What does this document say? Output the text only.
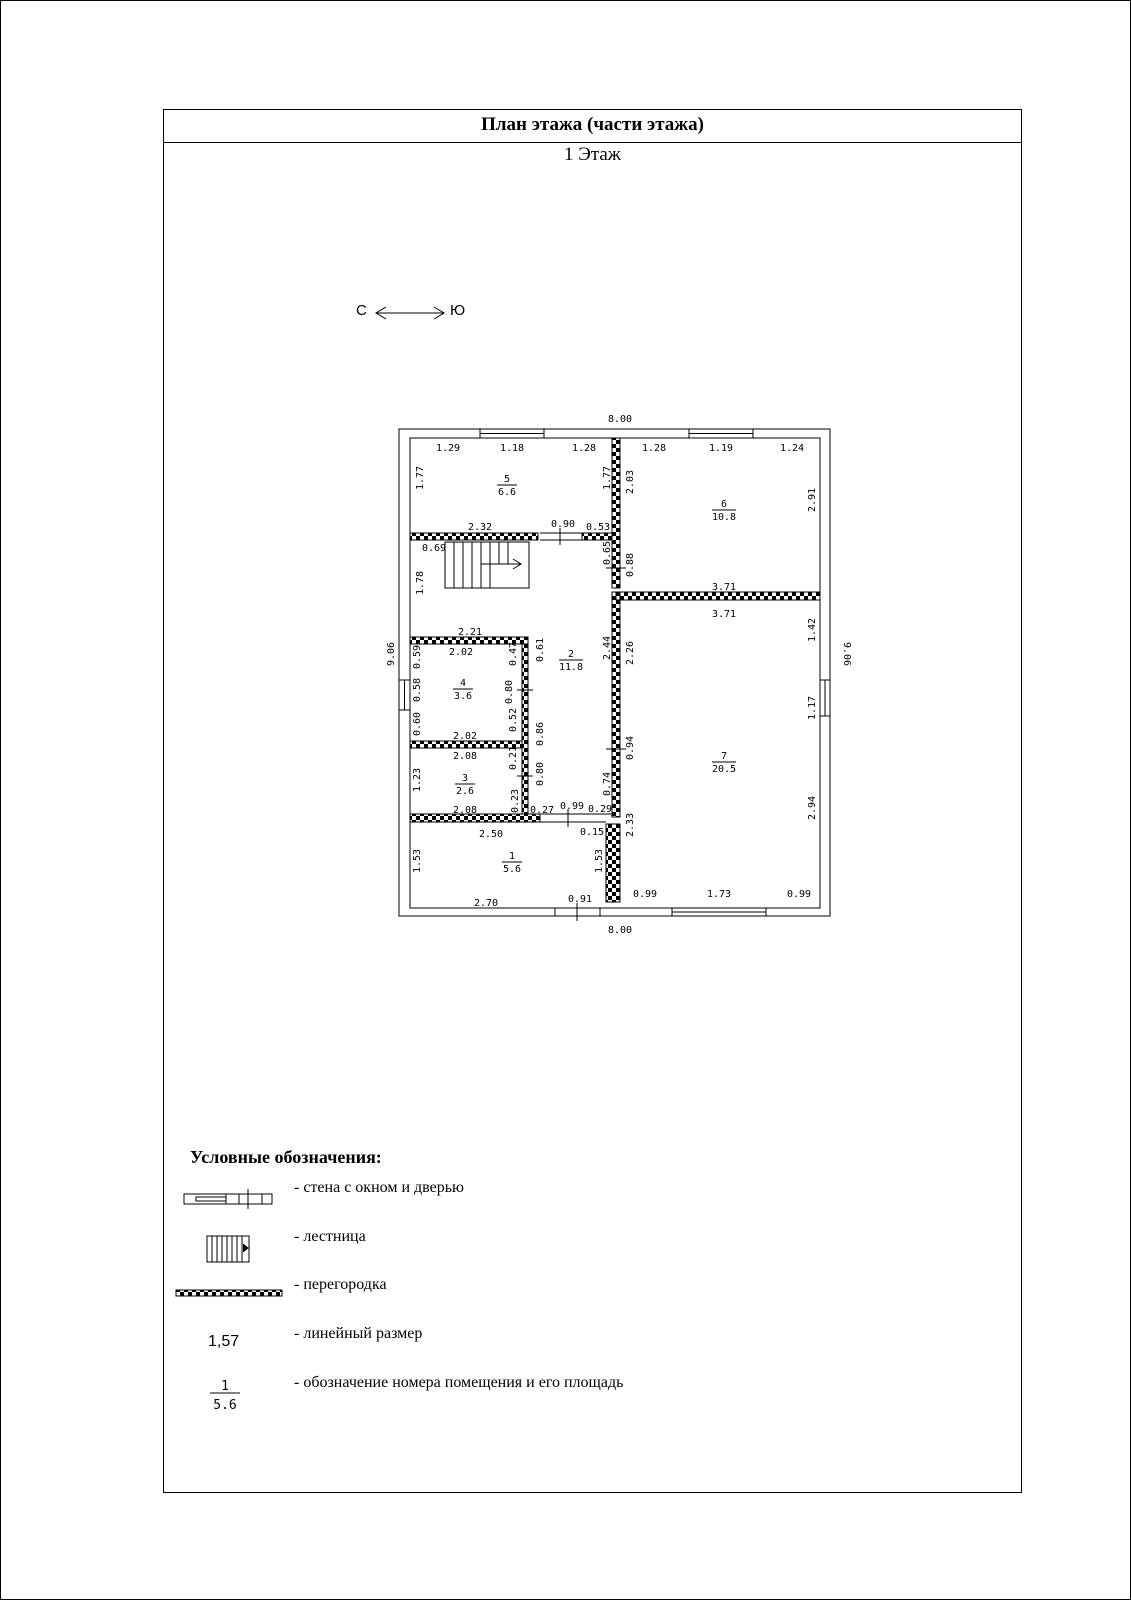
План этажа (части этажа)
1 Этаж
С	Ю
5
6.6
6
10.8
2
11.8
4
3.6
7
20.5
3
2.6
1
5.6
8.00
8.00
9.06	9.06
1.29	1.18	1.28
1.77	1.77
2.32	0.90 0.53
1.28	1.19	1.24
2.03
2.91
3.71
0.65 0.88
0.69
1.78
2.21
0.61	2.44
0.80
0.86
0.80
0.99
0.74
0.27	0.29
0.47
0.21
2.02
2.02
0.59
0.58
0.60	0.52
2.08
2.08
1.23
0.23
3.71
1.42
2.26
1.17
0.94
2.94
2.33
0.99	1.73	0.99
2.50	0.15
1.53	1.53
2.70	0.91
1
5.6
Условные обозначения:
- стена с окном и дверью
- лестница
- перегородка
1,57	- линейный размер
- обозначение номера помещения и его площадь
